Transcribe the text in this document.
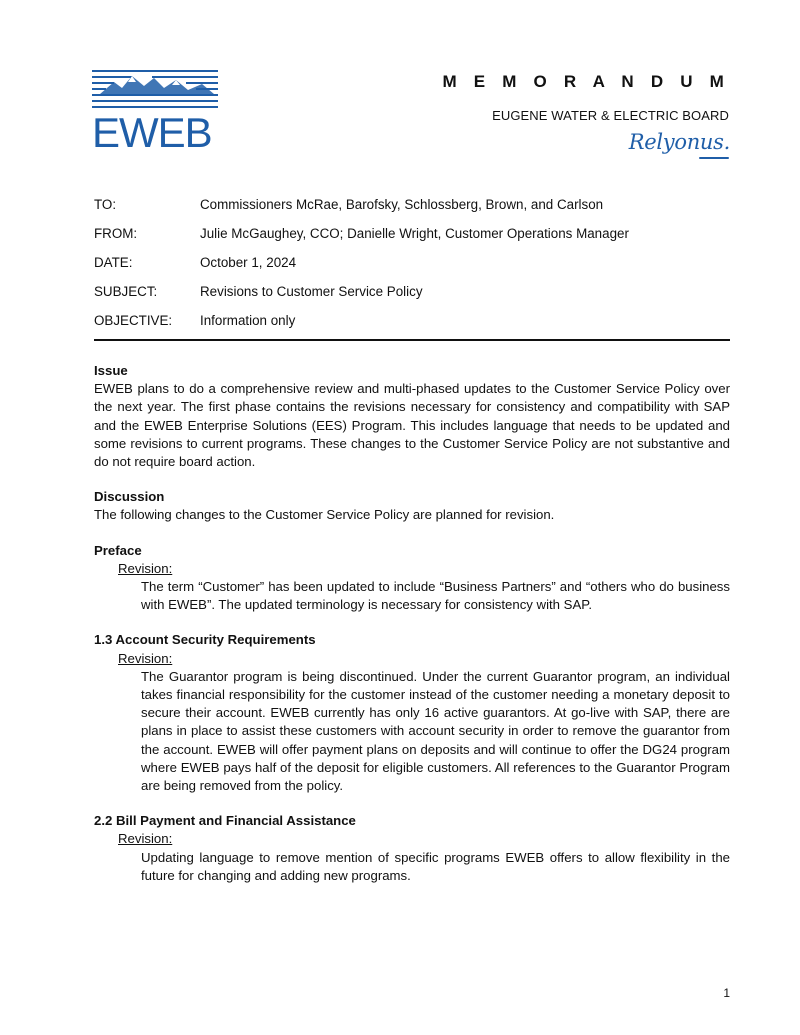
EWEB
M E M O R A N D U M
EUGENE WATER & ELECTRIC BOARD
Relyonus.
TO:	Commissioners McRae, Barofsky, Schlossberg, Brown, and Carlson
FROM:	Julie McGaughey, CCO; Danielle Wright, Customer Operations Manager
DATE:	October 1, 2024
SUBJECT:	Revisions to Customer Service Policy
OBJECTIVE:	Information only
Issue
EWEB plans to do a comprehensive review and multi-phased updates to the Customer Service Policy over the next year. The first phase contains the revisions necessary for consistency and compatibility with SAP and the EWEB Enterprise Solutions (EES) Program. This includes language that needs to be updated and some revisions to current programs. These changes to the Customer Service Policy are not substantive and do not require board action.
Discussion
The following changes to the Customer Service Policy are planned for revision.
Preface
Revision:
The term “Customer” has been updated to include “Business Partners” and “others who do business with EWEB”. The updated terminology is necessary for consistency with SAP.
1.3 Account Security Requirements
Revision:
The Guarantor program is being discontinued. Under the current Guarantor program, an individual takes financial responsibility for the customer instead of the customer needing a monetary deposit to secure their account. EWEB currently has only 16 active guarantors. At go-live with SAP, there are plans in place to assist these customers with account security in order to remove the guarantor from the account. EWEB will offer payment plans on deposits and will continue to offer the DG24 program where EWEB pays half of the deposit for eligible customers. All references to the Guarantor Program are being removed from the policy.
2.2 Bill Payment and Financial Assistance
Revision:
Updating language to remove mention of specific programs EWEB offers to allow flexibility in the future for changing and adding new programs.
1
